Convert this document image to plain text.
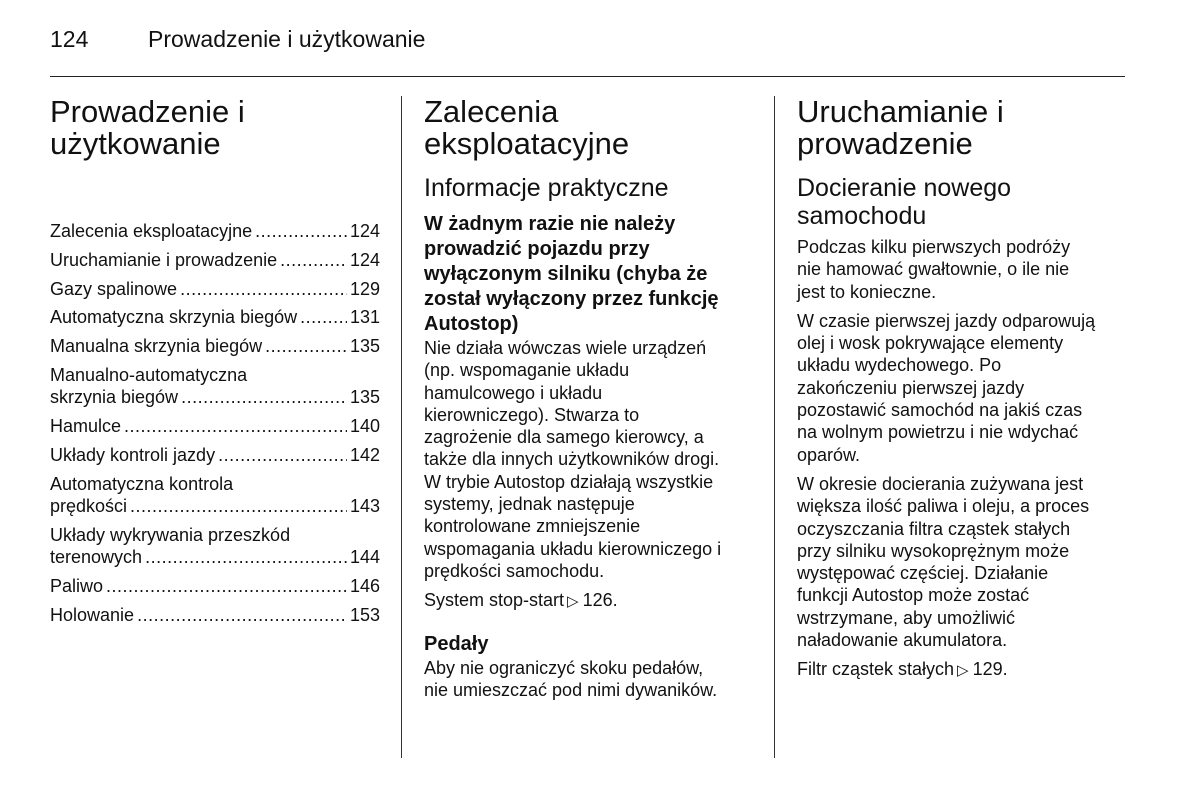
124	Prowadzenie i użytkowanie
Prowadzenie i
użytkowanie
Zalecenia eksploatacyjne .....	124
Uruchamianie i prowadzenie .....	124
Gazy spalinowe .....	129
Automatyczna skrzynia biegów .....	131
Manualna skrzynia biegów .....	135
Manualno-automatyczna
skrzynia biegów .....	135
Hamulce .....	140
Układy kontroli jazdy .....	142
Automatyczna kontrola
prędkości .....	143
Układy wykrywania przeszkód
terenowych .....	144
Paliwo .....	146
Holowanie .....	153
Zalecenia
eksploatacyjne
Informacje praktyczne
W żadnym razie nie należy
prowadzić pojazdu przy
wyłączonym silniku (chyba że
został wyłączony przez funkcję
Autostop)

Nie działa wówczas wiele urządzeń
(np. wspomaganie układu
hamulcowego i układu
kierowniczego). Stwarza to
zagrożenie dla samego kierowcy, a
także dla innych użytkowników drogi.
W trybie Autostop działają wszystkie
systemy, jednak następuje
kontrolowane zmniejszenie
wspomagania układu kierowniczego i
prędkości samochodu.

System stop-start ▷ 126.

Pedały

Aby nie ograniczyć skoku pedałów,
nie umieszczać pod nimi dywaników.

Uruchamianie i
prowadzenie
Docieranie nowego
samochodu

Podczas kilku pierwszych podróży
nie hamować gwałtownie, o ile nie
jest to konieczne.

W czasie pierwszej jazdy odparowują
olej i wosk pokrywające elementy
układu wydechowego. Po
zakończeniu pierwszej jazdy
pozostawić samochód na jakiś czas
na wolnym powietrzu i nie wdychać
oparów.

W okresie docierania zużywana jest
większa ilość paliwa i oleju, a proces
oczyszczania filtra cząstek stałych
przy silniku wysokoprężnym może
występować częściej. Działanie
funkcji Autostop może zostać
wstrzymane, aby umożliwić
naładowanie akumulatora.

Filtr cząstek stałych ▷ 129.
